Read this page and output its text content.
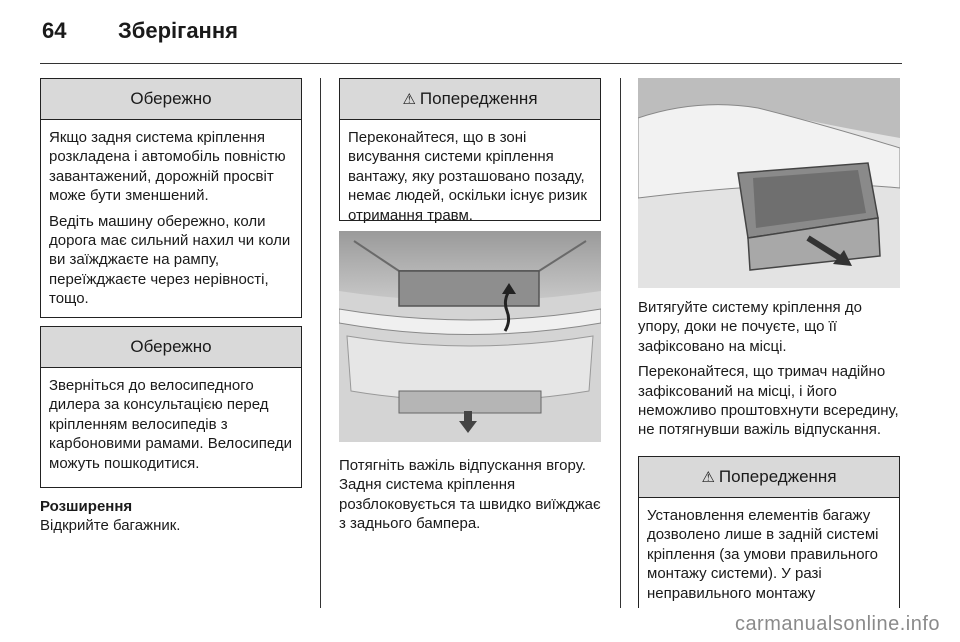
64 Зберігання
Обережно

Якщо задня система кріплення розкладена і автомобіль повністю завантажений, дорожній просвіт може бути зменшений.

Ведіть машину обережно, коли дорога має сильний нахил чи коли ви заїжджаєте на рампу, переїжджаєте через нерівності, тощо.

Обережно

Зверніться до велосипедного дилера за консультацією перед кріпленням велосипедів з карбоновими рамами. Велосипеди можуть пошкодитися.

Розширення
Відкрийте багажник.
⚠ Попередження

Переконайтеся, що в зоні висування системи кріплення вантажу, яку розташовано позаду, немає людей, оскільки існує ризик отримання травм.

Потягніть важіль відпускання вгору. Задня система кріплення розблоковується та швидко виїжджає з заднього бампера.

Витягуйте систему кріплення до упору, доки не почуєте, що її зафіксовано на місці.

Переконайтеся, що тримач надійно зафіксований на місці, і його неможливо проштовхнути всередину, не потягнувши важіль відпускання.

⚠ Попередження

Установлення елементів багажу дозволено лише в задній системі кріплення (за умови правильного монтажу системи). У разі неправильного монтажу

carmanualsonline.info
